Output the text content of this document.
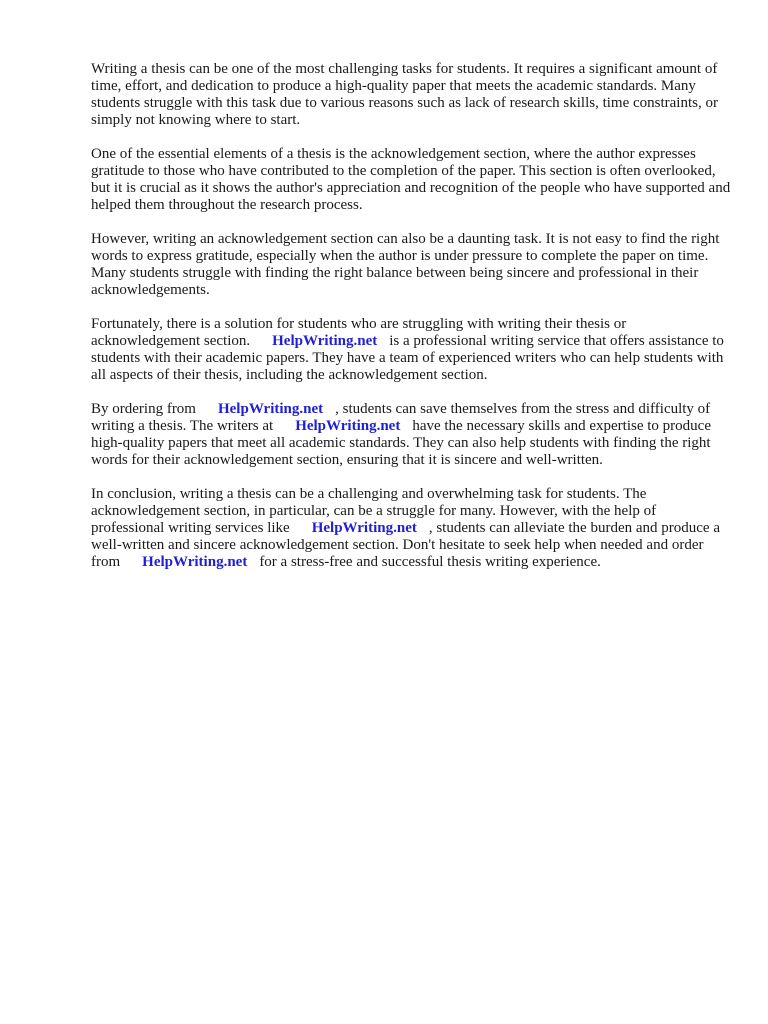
Writing a thesis can be one of the most challenging tasks for students. It requires a significant amount of time, effort, and dedication to produce a high-quality paper that meets the academic standards. Many students struggle with this task due to various reasons such as lack of research skills, time constraints, or simply not knowing where to start.

One of the essential elements of a thesis is the acknowledgement section, where the author expresses gratitude to those who have contributed to the completion of the paper. This section is often overlooked, but it is crucial as it shows the author's appreciation and recognition of the people who have supported and helped them throughout the research process.

However, writing an acknowledgement section can also be a daunting task. It is not easy to find the right words to express gratitude, especially when the author is under pressure to complete the paper on time. Many students struggle with finding the right balance between being sincere and professional in their acknowledgements.

Fortunately, there is a solution for students who are struggling with writing their thesis or acknowledgement section. HelpWriting.net is a professional writing service that offers assistance to students with their academic papers. They have a team of experienced writers who can help students with all aspects of their thesis, including the acknowledgement section.

By ordering from HelpWriting.net , students can save themselves from the stress and difficulty of writing a thesis. The writers at HelpWriting.net have the necessary skills and expertise to produce high-quality papers that meet all academic standards. They can also help students with finding the right words for their acknowledgement section, ensuring that it is sincere and well-written.

In conclusion, writing a thesis can be a challenging and overwhelming task for students. The acknowledgement section, in particular, can be a struggle for many. However, with the help of professional writing services like HelpWriting.net , students can alleviate the burden and produce a well-written and sincere acknowledgement section. Don't hesitate to seek help when needed and order from HelpWriting.net for a stress-free and successful thesis writing experience.
